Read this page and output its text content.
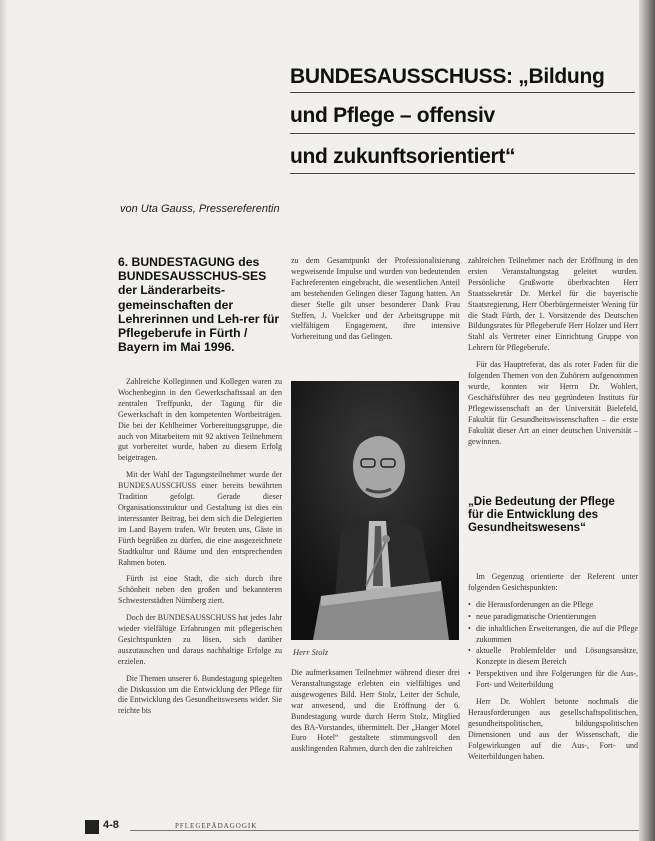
BUNDESAUSSCHUSS: „Bildung
und Pflege – offensiv
und zukunftsorientiert“
von Uta Gauss, Pressereferentin
6. BUNDESTAGUNG des BUNDESAUSSCHUS-SES der Länderarbeits-gemeinschaften der Lehrerinnen und Leh-rer für Pflegeberufe in Fürth / Bayern im Mai 1996.

Zahlreiche Kolleginnen und Kollegen waren zu Wochenbeginn in den Gewerkschaftssaal an den zentralen Treffpunkt, der Tagung für die Gewerkschaft in den kompetenten Wortbeiträgen. Die bei der Kehlheimer Vorbereitungsgruppe, die auch von Mitarbeitern mit 92 aktiven Teilnehmern gut vorbereitet wurde, haben zu diesem Erfolg beigetragen.

Mit der Wahl der Tagungsteilnehmer wurde der BUNDESAUSSCHUSS einer bereits bewährten Tradition gefolgt. Gerade dieser Organisationsstruktur und Gestaltung ist dies ein interessanter Beitrag, bei dem sich die Delegierten im Land Bayern trafen. Wir freuten uns, Gäste in Fürth begrüßen zu dürfen, die eine ausgezeichnete Stadtkultur und Räume und den entsprechenden Rahmen boten.

Fürth ist eine Stadt, die sich durch ihre Schönheit neben den großen und bekannteren Schwesterstädten Nürnberg ziert.

Doch der BUNDESAUSSCHUSS hat jedes Jahr wieder vielfältige Erfahrungen mit pflegerischen Gesichtspunkten zu lösen, sich darüber auszutauschen und daraus nachhaltige Erfolge zu erzielen.

Die Themen unserer 6. Bundestagung spiegelten die Diskussion um die Entwicklung der Pflege für die Entwicklung des Gesundheitswesens wider. Sie reichte bis

zu dem Gesamtpunkt der Professionalisierung wegweisende Impulse und wurden von bedeutenden Fachreferenten eingebracht, die wesentlichen Anteil am bestehenden Gelingen dieser Tagung hatten. An dieser Stelle gilt unser besonderer Dank Frau Steffen, J. Voelcker und der Arbeitsgruppe mit vielfältigem Engagement, ihre intensive Vorbereitung und das Gelingen.

Herr Stolz

Die aufmerksamen Teilnehmer während dieser drei Veranstaltungstage erlebten ein vielfältiges und ausgewogenes Bild. Herr Stolz, Leiter der Schule, war anwesend, und die Eröffnung der 6. Bundestagung wurde durch Herrn Stolz, Mitglied des BA-Vorstandes, übermittelt. Der „Hanger Motel Euro Hotel“ gestaltete stimmungsvoll den ausklingenden Rahmen, durch den die zahlreichen

zahlreichen Teilnehmer nach der Eröffnung in den ersten Veranstaltungstag geleitet wurden. Persönliche Grußworte überbrachten Herr Staatssekretär Dr. Merkel für die bayerische Staatsregierung, Herr Oberbürgermeister Wening für die Stadt Fürth, der 1. Vorsitzende des Deutschen Bildungsrates für Pflegeberufe Herr Holzer und Herr Stahl als Vertreter einer Einrichtung Gruppe von Lehrern für Pflegeberufe.

Für das Hauptreferat, das als roter Faden für die folgenden Themen von den Zuhörern aufgenommen wurde, konnten wir Herrn Dr. Wohlert, Geschäftsführer des neu gegründeten Instituts für Pflegewissenschaft an der Universität Bielefeld, Fakultät für Gesundheitswissenschaften – die erste Fakultät dieser Art an einer deutschen Universität – gewinnen.

„Die Bedeutung der Pflege für die Entwicklung des Gesundheitswesens“

Im Gegenzug orientierte der Referent unter folgenden Gesichtspunkten:

• die Herausforderungen an die Pflege
• neue paradigmatische Orientierungen
• die inhaltlichen Erweiterungen, die auf die Pflege zukommen
• aktuelle Problemfelder und Lösungsansätze, Konzepte in diesem Bereich
• Perspektiven und ihre Folgerungen für die Aus-, Fort- und Weiterbildung

Herr Dr. Wohlert betonte nochmals die Herausforderungen aus gesellschaftspolitischen, gesundheitspolitischen, bildungspolitischen Dimensionen und aus der Wissenschaft, die Folgewirkungen auf die Aus-, Fort- und Weiterbildungen haben.

4-8	PFLEGEPÄDAGOGIK
